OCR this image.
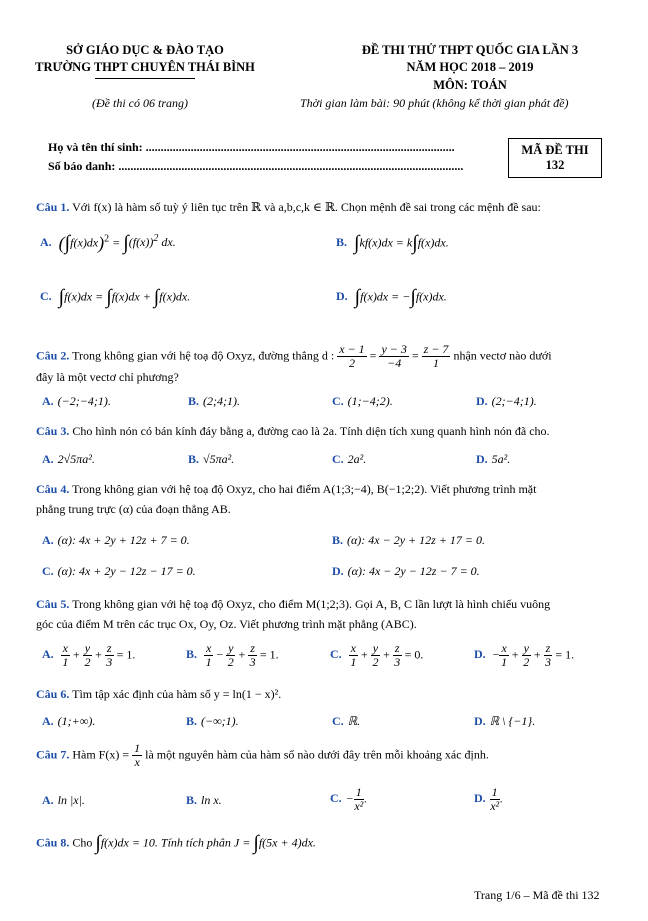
SỞ GIÁO DỤC & ĐÀO TẠO
TRƯỜNG THPT CHUYÊN THÁI BÌNH
(Đề thi có 06 trang)
ĐỀ THI THỬ THPT QUỐC GIA LẦN 3
NĂM HỌC 2018 – 2019
MÔN: TOÁN
Thời gian làm bài: 90 phút (không kể thời gian phát đề)
Họ và tên thí sinh: .......................................................................................................
Số báo danh: ...................................................................................................................
MÃ ĐỀ THI
132
Câu 1. Với f(x) là hàm số tuỳ ý liên tục trên ℝ và a,b,c,k ∈ ℝ. Chọn mệnh đề sai trong các mệnh đề sau:
A. $(\int f(x)dx)^2 = \int(f(x))^2$ dx.	B. ∫kf(x)dx = k∫f(x)dx.
C. ∫f(x)dx = ∫f(x)dx + ∫f(x)dx.	D. ∫f(x)dx = −∫f(x)dx.
Câu 2. Trong không gian với hệ toạ độ Oxyz, đường thẳng d : $\frac{x - 1}{2} = \frac{y - 3}{-4} = \frac{z - 7}{1}$ nhận vectơ nào dưới
đây là một vectơ chỉ phương?
A. (−2;−4;1).	B. (2;4;1).	C. (1;−4;2).	D. (2;−4;1).
Câu 3. Cho hình nón có bán kính đáy bằng a, đường cao là 2a. Tính diện tích xung quanh hình nón đã cho.
A. 2√5πa².	B. √5πa².	C. 2a².	D. 5a².
Câu 4. Trong không gian với hệ toạ độ Oxyz, cho hai điểm A(1;3;−4), B(−1;2;2). Viết phương trình mặt
phẳng trung trực (α) của đoạn thẳng AB.
A. (α): 4x + 2y + 12z + 7 = 0.	B. (α): 4x − 2y + 12z + 17 = 0.
C. (α): 4x + 2y − 12z − 17 = 0.	D. (α): 4x − 2y − 12z − 7 = 0.
Câu 5. Trong không gian với hệ toạ độ Oxyz, cho điểm M(1;2;3). Gọi A, B, C lần lượt là hình chiếu vuông
góc của điểm M trên các trục Ox, Oy, Oz. Viết phương trình mặt phẳng (ABC).
A. $\frac{x}{1} + \frac{y}{2} + \frac{z}{3} = 1$.	B. $\frac{x}{1} - \frac{y}{2} + \frac{z}{3} = 1$.	C. $\frac{x}{1} + \frac{y}{2} + \frac{z}{3} = 0$.	D. − $\frac{x}{1} + \frac{y}{2} + \frac{z}{3} = 1$.
Câu 6. Tìm tập xác định của hàm số y = ln(1 − x)².
A. (1;+∞).	B. (−∞;1).	C. ℝ.	D. ℝ \ {−1}.
Câu 7. Hàm $F(x) = \frac{1}{x}$ là một nguyên hàm của hàm số nào dưới đây trên mỗi khoảng xác định.
A. ln |x|.	B. ln x.	C. − $\frac{1}{\text{x²}}$ .	D. $\frac{1}{\text{x²}}$ .
Câu 8. Cho ∫f(x)dx = 10. Tính tích phân J = ∫f(5x + 4)dx.
Trang 1/6 – Mã đề thi 132
